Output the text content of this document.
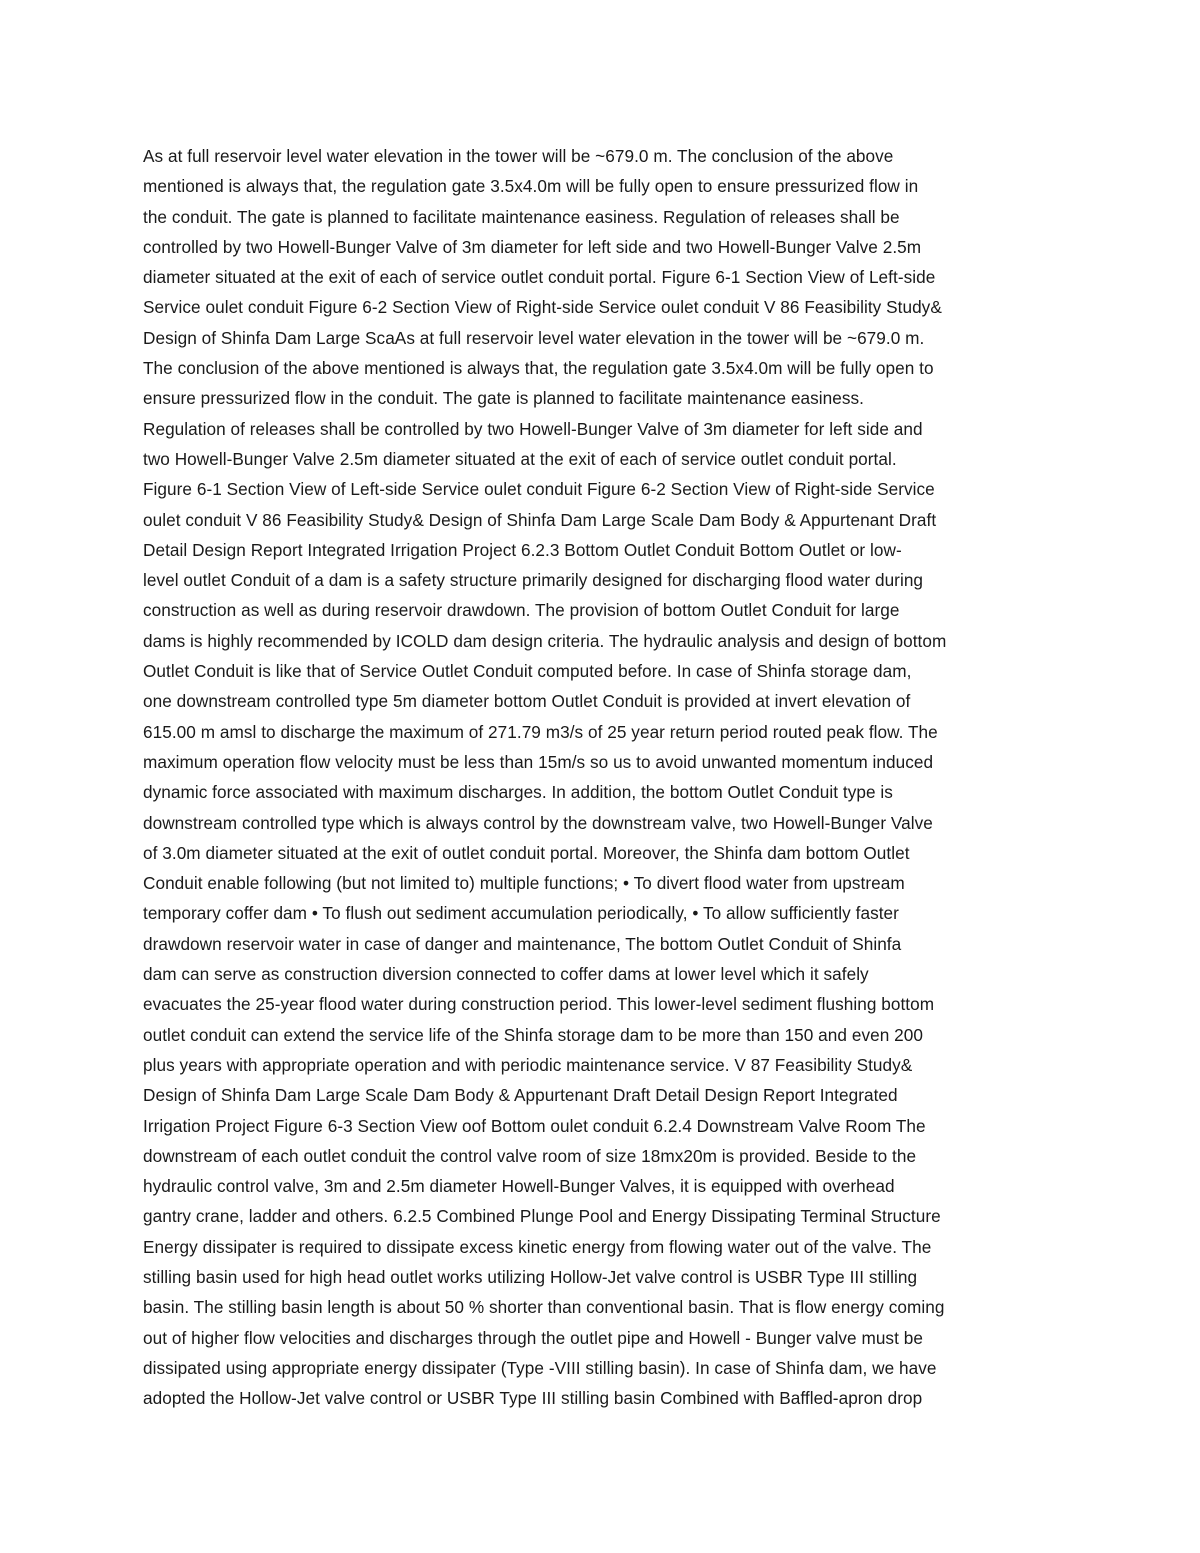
As at full reservoir level water elevation in the tower will be ~679.0 m. The conclusion of the above
mentioned is always that, the regulation gate 3.5x4.0m will be fully open to ensure pressurized flow in
the conduit. The gate is planned to facilitate maintenance easiness. Regulation of releases shall be
controlled by two Howell-Bunger Valve of 3m diameter for left side and two Howell-Bunger Valve 2.5m
diameter situated at the exit of each of service outlet conduit portal. Figure 6-1 Section View of Left-side
Service oulet conduit Figure 6-2 Section View of Right-side Service oulet conduit V 86 Feasibility Study&
Design of Shinfa Dam Large ScaAs at full reservoir level water elevation in the tower will be ~679.0 m.
The conclusion of the above mentioned is always that, the regulation gate 3.5x4.0m will be fully open to
ensure pressurized flow in the conduit. The gate is planned to facilitate maintenance easiness.
Regulation of releases shall be controlled by two Howell-Bunger Valve of 3m diameter for left side and
two Howell-Bunger Valve 2.5m diameter situated at the exit of each of service outlet conduit portal.
Figure 6-1 Section View of Left-side Service oulet conduit Figure 6-2 Section View of Right-side Service
oulet conduit V 86 Feasibility Study& Design of Shinfa Dam Large Scale Dam Body & Appurtenant Draft
Detail Design Report Integrated Irrigation Project 6.2.3 Bottom Outlet Conduit Bottom Outlet or low-
level outlet Conduit of a dam is a safety structure primarily designed for discharging flood water during
construction as well as during reservoir drawdown. The provision of bottom Outlet Conduit for large
dams is highly recommended by ICOLD dam design criteria. The hydraulic analysis and design of bottom
Outlet Conduit is like that of Service Outlet Conduit computed before. In case of Shinfa storage dam,
one downstream controlled type 5m diameter bottom Outlet Conduit is provided at invert elevation of
615.00 m amsl to discharge the maximum of 271.79 m3/s of 25 year return period routed peak flow. The
maximum operation flow velocity must be less than 15m/s so us to avoid unwanted momentum induced
dynamic force associated with maximum discharges. In addition, the bottom Outlet Conduit type is
downstream controlled type which is always control by the downstream valve, two Howell-Bunger Valve
of 3.0m diameter situated at the exit of outlet conduit portal. Moreover, the Shinfa dam bottom Outlet
Conduit enable following (but not limited to) multiple functions; • To divert flood water from upstream
temporary coffer dam • To flush out sediment accumulation periodically, • To allow sufficiently faster
drawdown reservoir water in case of danger and maintenance, The bottom Outlet Conduit of Shinfa
dam can serve as construction diversion connected to coffer dams at lower level which it safely
evacuates the 25-year flood water during construction period. This lower-level sediment flushing bottom
outlet conduit can extend the service life of the Shinfa storage dam to be more than 150 and even 200
plus years with appropriate operation and with periodic maintenance service. V 87 Feasibility Study&
Design of Shinfa Dam Large Scale Dam Body & Appurtenant Draft Detail Design Report Integrated
Irrigation Project Figure 6-3 Section View oof Bottom oulet conduit 6.2.4 Downstream Valve Room The
downstream of each outlet conduit the control valve room of size 18mx20m is provided. Beside to the
hydraulic control valve, 3m and 2.5m diameter Howell-Bunger Valves, it is equipped with overhead
gantry crane, ladder and others. 6.2.5 Combined Plunge Pool and Energy Dissipating Terminal Structure
Energy dissipater is required to dissipate excess kinetic energy from flowing water out of the valve. The
stilling basin used for high head outlet works utilizing Hollow-Jet valve control is USBR Type III stilling
basin. The stilling basin length is about 50 % shorter than conventional basin. That is flow energy coming
out of higher flow velocities and discharges through the outlet pipe and Howell - Bunger valve must be
dissipated using appropriate energy dissipater (Type -VIII stilling basin). In case of Shinfa dam, we have
adopted the Hollow-Jet valve control or USBR Type III stilling basin Combined with Baffled-apron drop
